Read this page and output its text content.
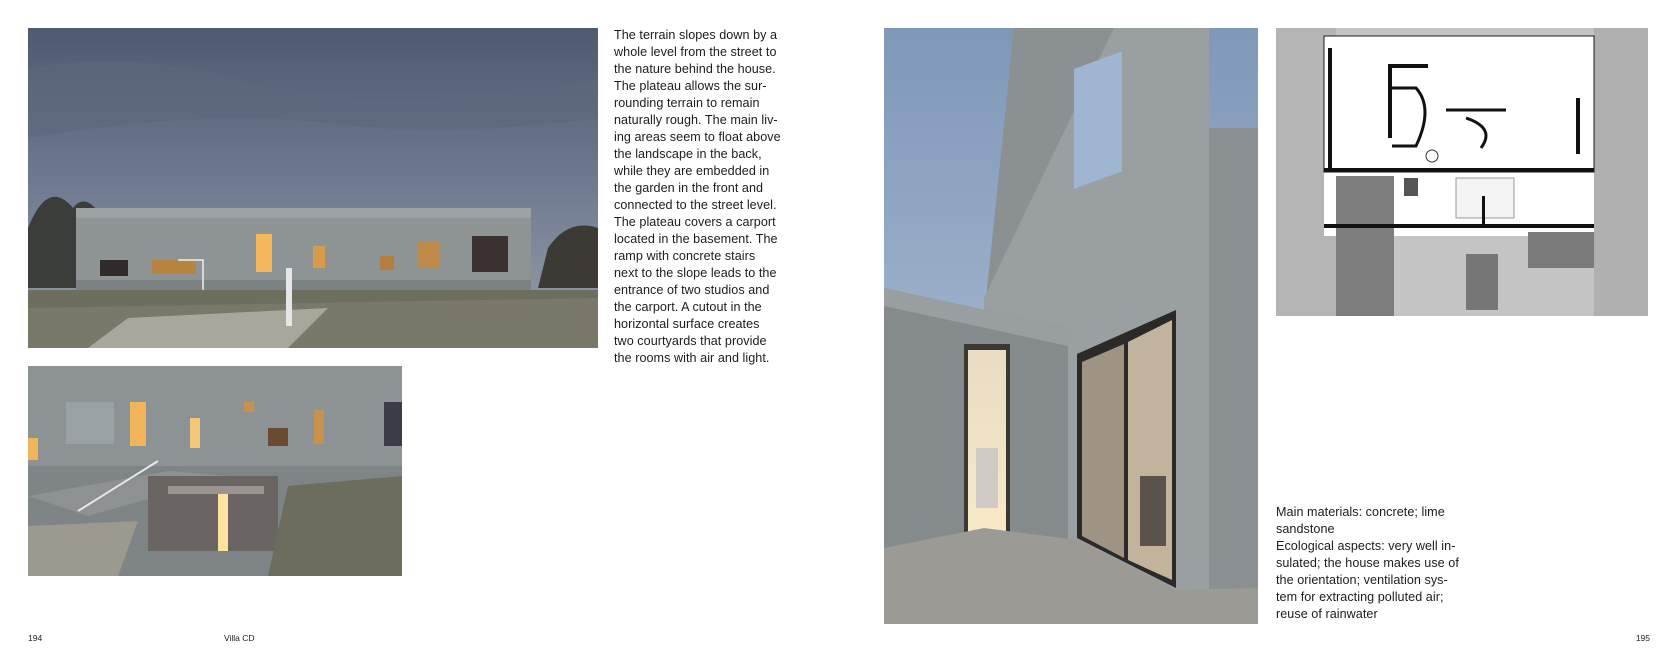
The terrain slopes down by a
whole level from the street to
the nature behind the house.
The plateau allows the sur-
rounding terrain to remain
naturally rough. The main liv-
ing areas seem to float above
the landscape in the back,
while they are embedded in
the garden in the front and
connected to the street level.
The plateau covers a carport
located in the basement. The
ramp with concrete stairs
next to the slope leads to the
entrance of two studios and
the carport. A cutout in the
horizontal surface creates
two courtyards that provide
the rooms with air and light.
194	Villa CD
Main materials: concrete; lime
sandstone
Ecological aspects: very well in-
sulated; the house makes use of
the orientation; ventilation sys-
tem for extracting polluted air;
reuse of rainwater
195
